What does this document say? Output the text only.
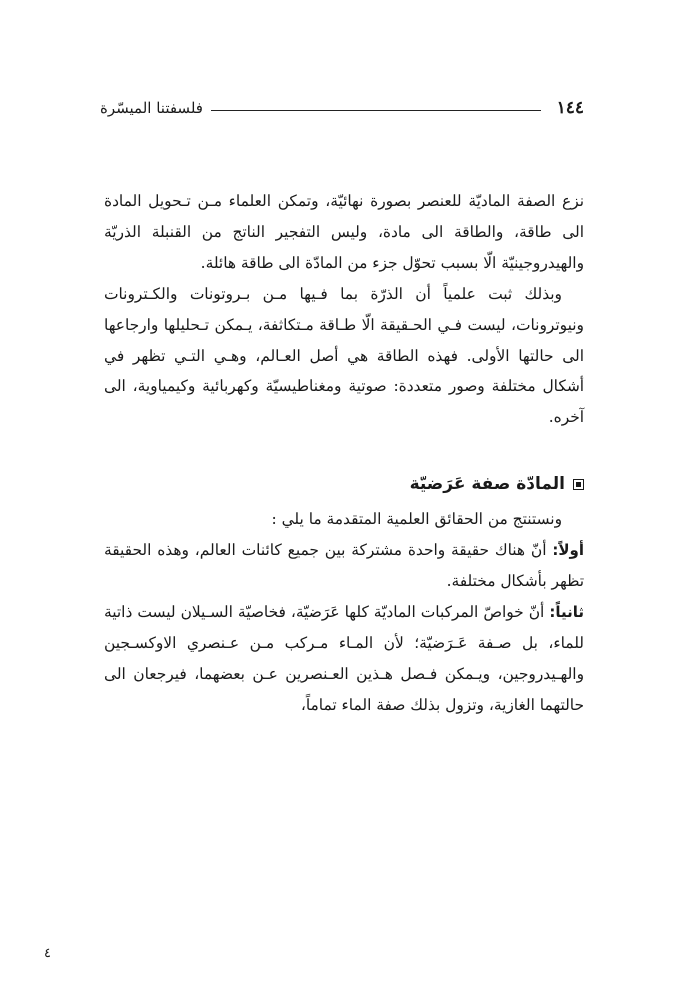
١٤٤
فلسفتنا الميسّرة

نزع الصفة الماديّة للعنصر بصورة نهائيّة، وتمكن العلماء مـن تـحويل المادة الى طاقة، والطاقة الى مادة، وليس التفجير الناتج من القنبلة الذريّة والهيدروجينيّة الّا بسبب تحوّل جزء من المادّة الى طاقة هائلة.

وبذلك ثبت علمياً أن الذرّة بما فـيها مـن بـروتونات والكـترونات ونيوترونات، ليست فـي الحـقيقة الّا طـاقة مـتكاثفة، يـمكن تـحليلها وارجاعها الى حالتها الأولى. فهذه الطاقة هي أصل العـالم، وهـي التـي تظهر في أشكال مختلفة وصور متعددة: صوتية ومغناطيسيّة وكهربائية وكيمياوية، الى آخره.

المادّة صفة عَرَضيّة

ونستنتج من الحقائق العلمية المتقدمة ما يلي :

أولاً: أنّ هناك حقيقة واحدة مشتركة بين جميع كائنات العالم، وهذه الحقيقة تظهر بأشكال مختلفة.

ثانياً: أنّ خواصّ المركبات الماديّة كلها عَرَضيّة، فخاصيّة السـيلان ليست ذاتية للماء، بل صـفة عَـرَضيّة؛ لأن المـاء مـركب مـن عـنصري الاوكسـجين والهـيدروجين، ويـمكن فـصل هـذين العـنصرين عـن بعضهما، فيرجعان الى حالتهما الغازية، وتزول بذلك صفة الماء تماماً،

٤
